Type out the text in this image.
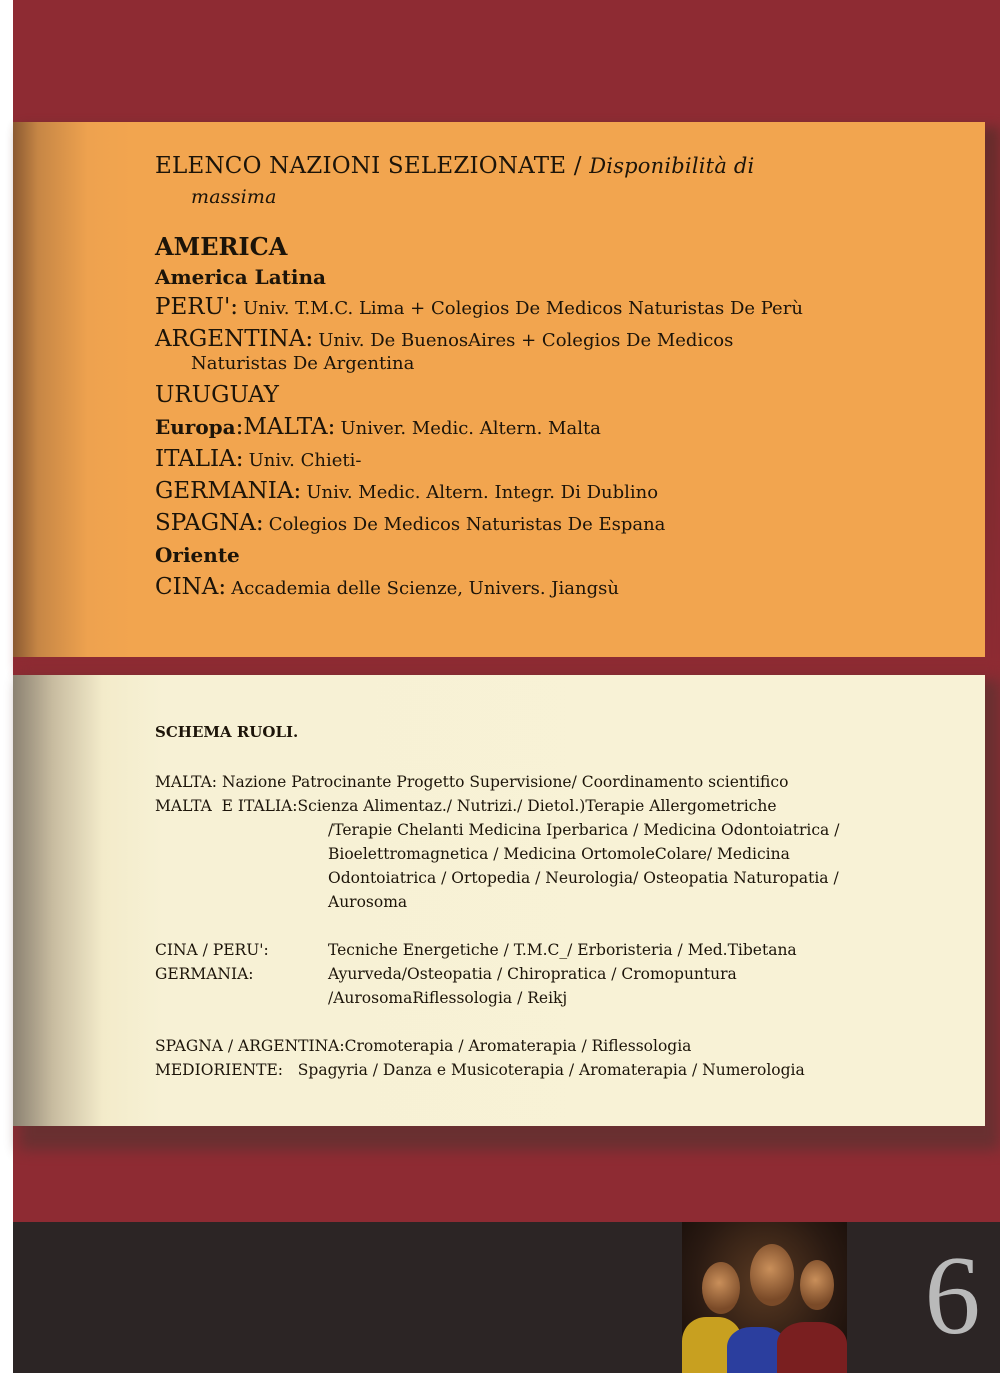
ELENCO NAZIONI SELEZIONATE / Disponibilità di
massima
AMERICA
America Latina
PERU': Univ. T.M.C. Lima + Colegios De Medicos Naturistas De Perù
ARGENTINA: Univ. De BuenosAires + Colegios De Medicos
Naturistas De Argentina
URUGUAY
Europa:MALTA: Univer. Medic. Altern. Malta
ITALIA: Univ. Chieti-
GERMANIA: Univ. Medic. Altern. Integr. Di Dublino
SPAGNA: Colegios De Medicos Naturistas De Espana
Oriente
CINA: Accademia delle Scienze, Univers. Jiangsù
SCHEMA RUOLI.
MALTA: Nazione Patrocinante Progetto Supervisione/ Coordinamento scientifico
MALTA  E ITALIA: Scienza Alimentaz./ Nutrizi./ Dietol.)Terapie Allergometriche
/Terapie Chelanti Medicina Iperbarica / Medicina Odontoiatrica /
Bioelettromagnetica / Medicina OrtomoleColare/ Medicina
Odontoiatrica / Ortopedia / Neurologia/ Osteopatia Naturopatia /
Aurosoma
CINA / PERU':	Tecniche Energetiche / T.M.C_/ Erboristeria / Med.Tibetana
GERMANIA:	Ayurveda/Osteopatia / Chiropratica / Cromopuntura
/AurosomaRiflessologia / Reikj
SPAGNA / ARGENTINA: Cromoterapia / Aromaterapia / Riflessologia
MEDIORIENTE: Spagyria / Danza e Musicoterapia / Aromaterapia / Numerologia
6
